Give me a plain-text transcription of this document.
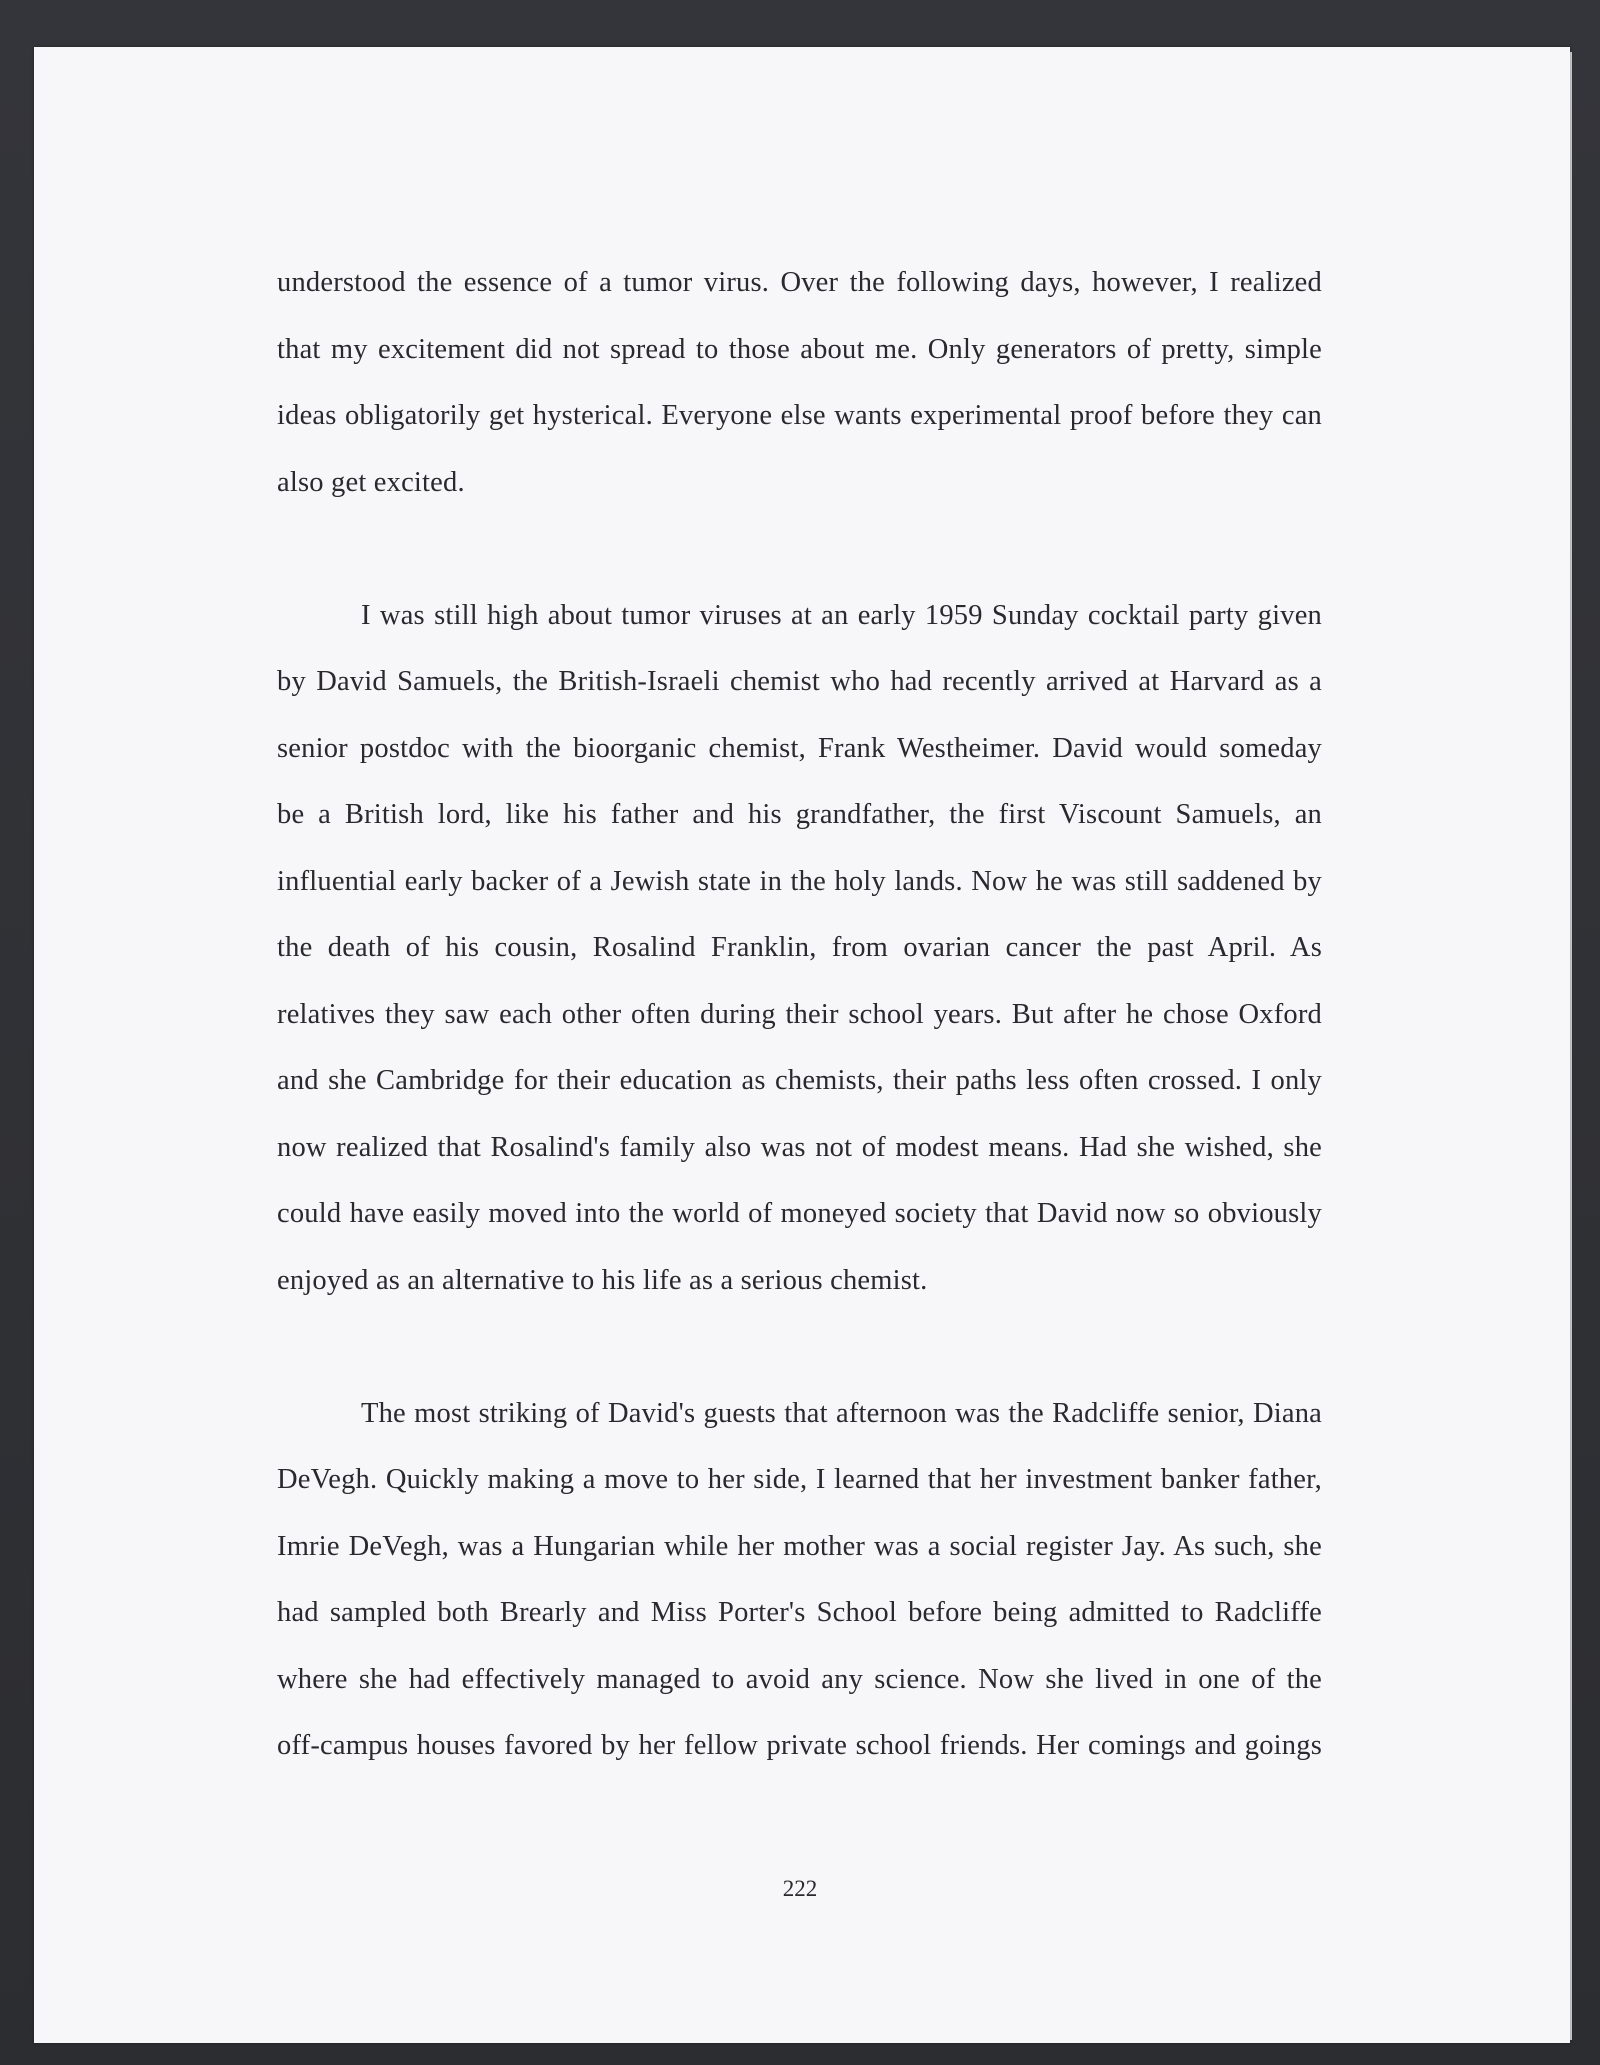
understood the essence of a tumor virus. Over the following days, however, I realized
that my excitement did not spread to those about me. Only generators of pretty, simple
ideas obligatorily get hysterical. Everyone else wants experimental proof before they can
also get excited.
I was still high about tumor viruses at an early 1959 Sunday cocktail party given
by David Samuels, the British-Israeli chemist who had recently arrived at Harvard as a
senior postdoc with the bioorganic chemist, Frank Westheimer. David would someday
be a British lord, like his father and his grandfather, the first Viscount Samuels, an
influential early backer of a Jewish state in the holy lands. Now he was still saddened by
the death of his cousin, Rosalind Franklin, from ovarian cancer the past April. As
relatives they saw each other often during their school years. But after he chose Oxford
and she Cambridge for their education as chemists, their paths less often crossed. I only
now realized that Rosalind's family also was not of modest means. Had she wished, she
could have easily moved into the world of moneyed society that David now so obviously
enjoyed as an alternative to his life as a serious chemist.
The most striking of David's guests that afternoon was the Radcliffe senior, Diana
DeVegh. Quickly making a move to her side, I learned that her investment banker father,
Imrie DeVegh, was a Hungarian while her mother was a social register Jay. As such, she
had sampled both Brearly and Miss Porter's School before being admitted to Radcliffe
where she had effectively managed to avoid any science. Now she lived in one of the
off-campus houses favored by her fellow private school friends. Her comings and goings
222
